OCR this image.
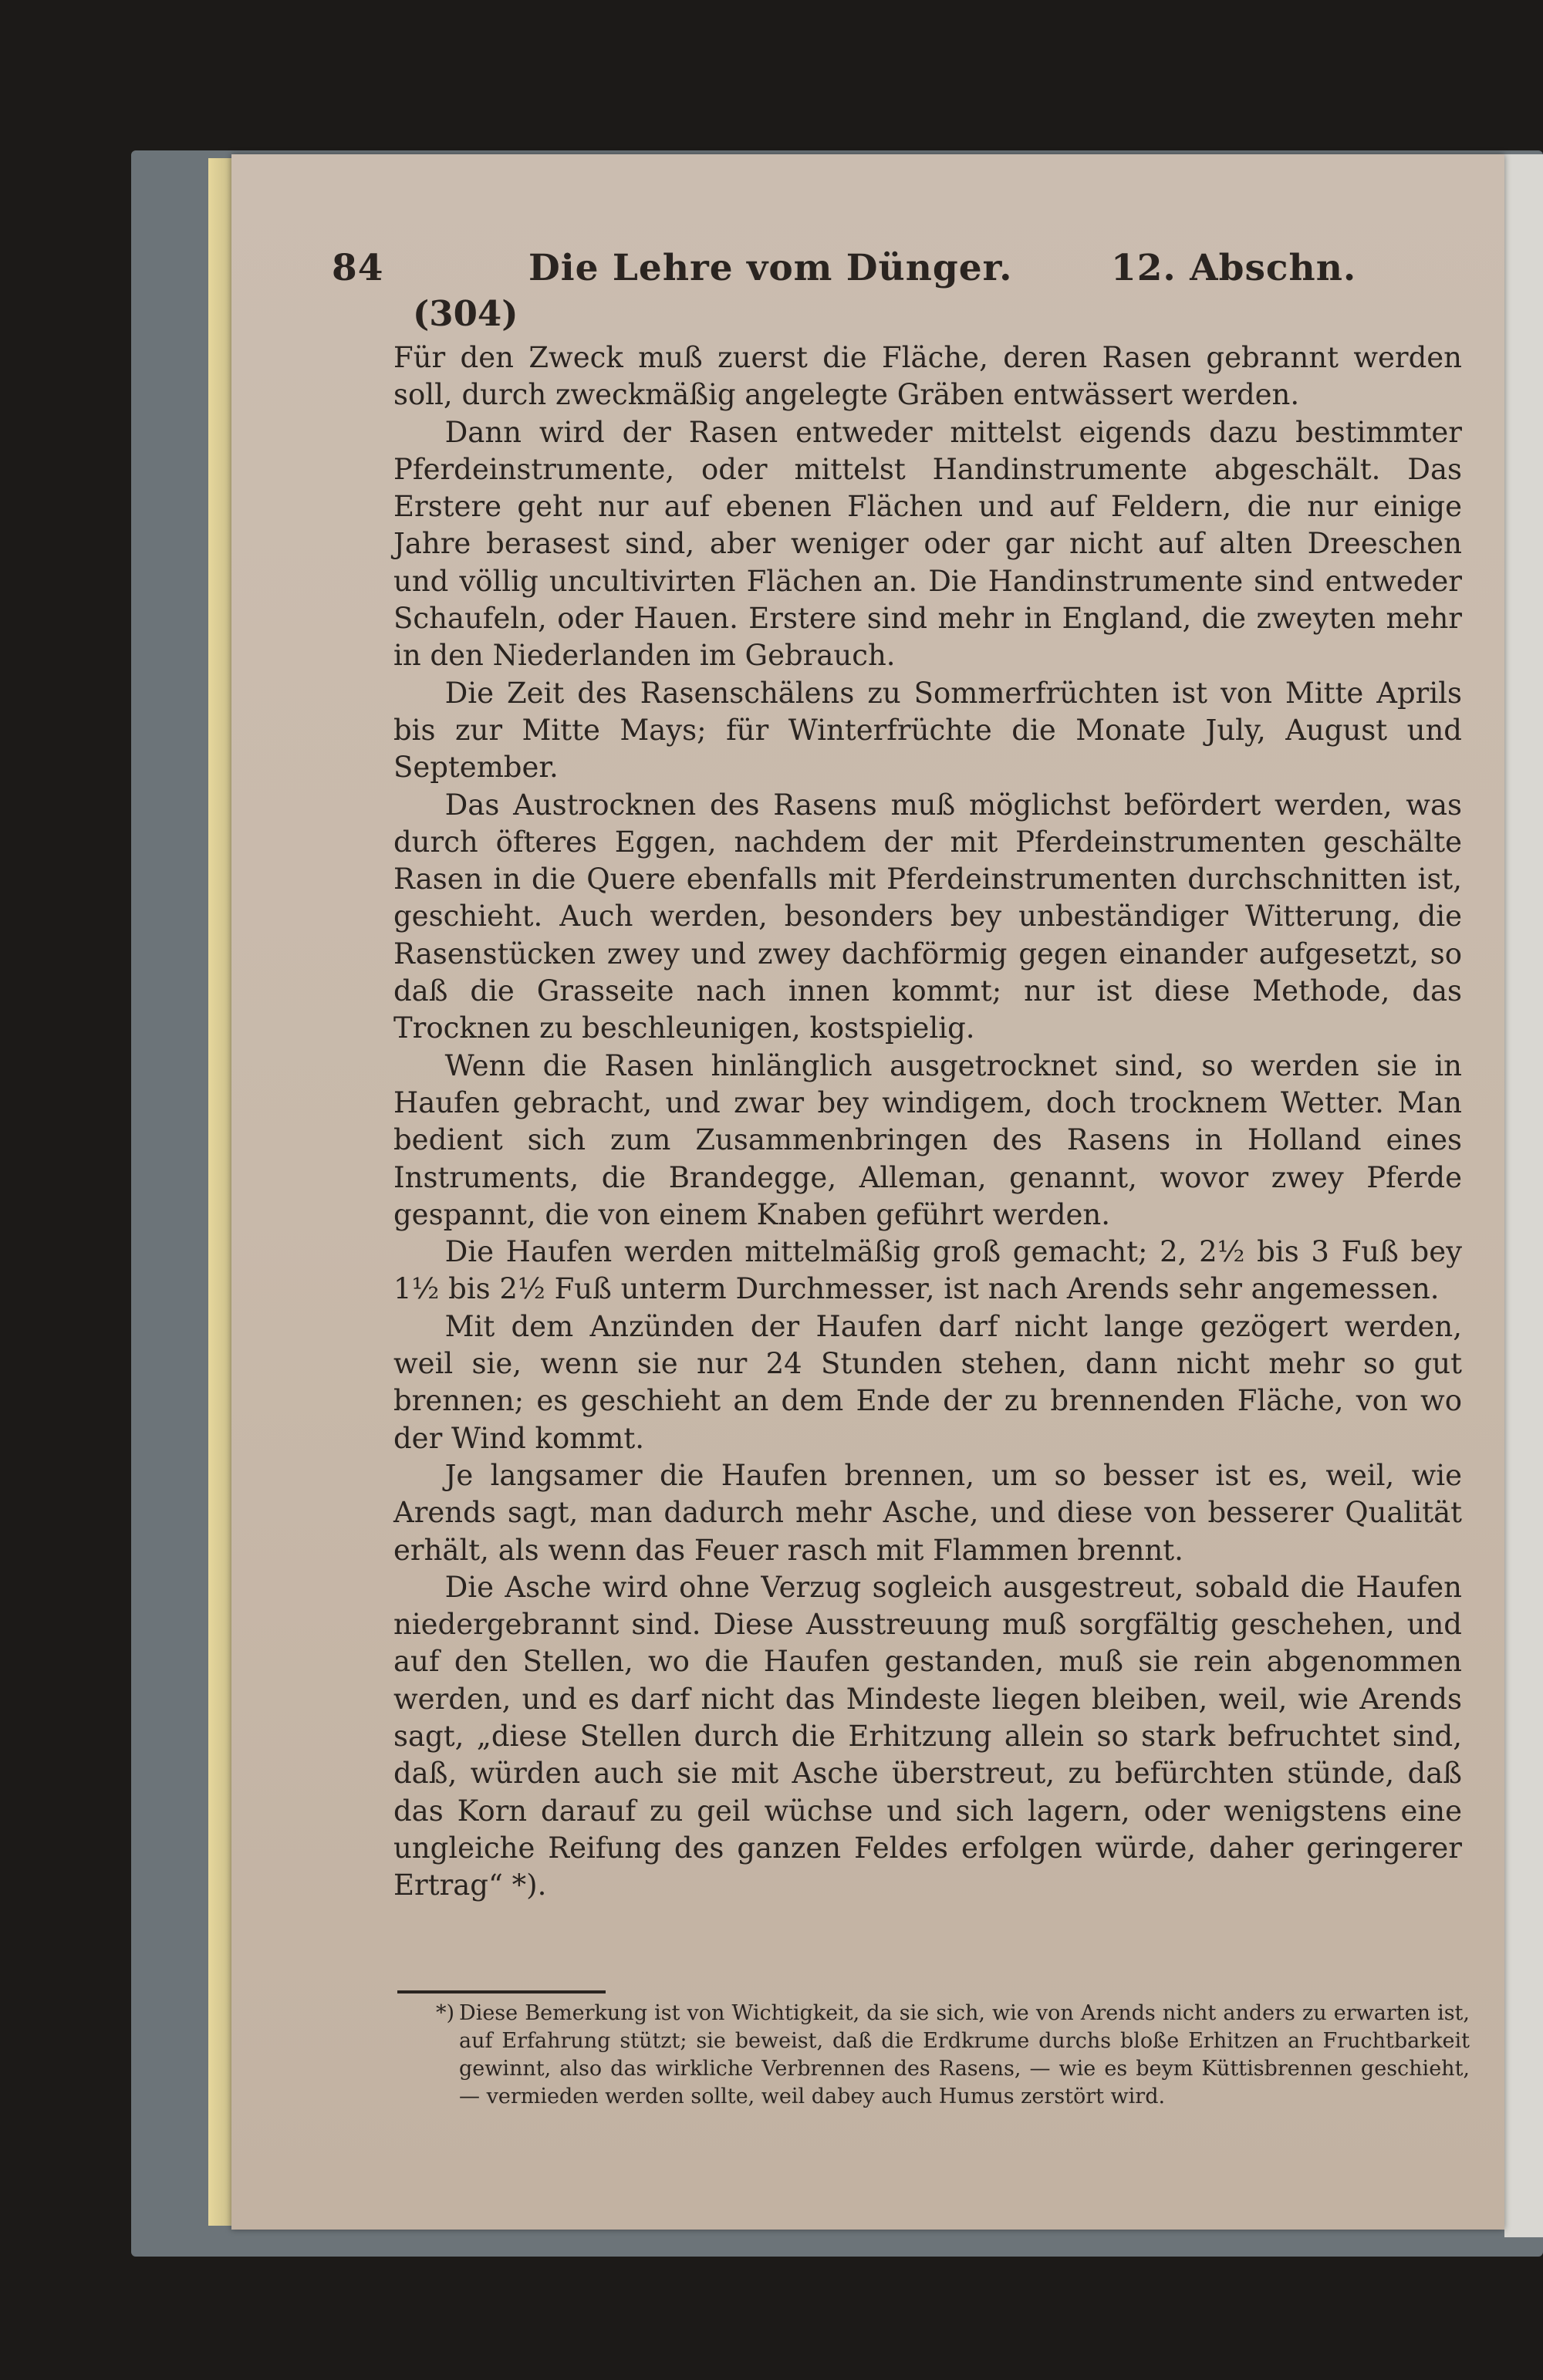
84	Die Lehre vom Dünger.	12. Abschn.
(304)

Für den Zweck muß zuerst die Fläche, deren Rasen gebrannt werden soll, durch zweckmäßig angelegte Gräben entwässert werden.

Dann wird der Rasen entweder mittelst eigends dazu bestimmter Pferdeinstrumente, oder mittelst Handinstrumente abgeschält. Das Erstere geht nur auf ebenen Flächen und auf Feldern, die nur einige Jahre berasest sind, aber weniger oder gar nicht auf alten Dreeschen und völlig uncultivirten Flächen an. Die Handinstrumente sind entweder Schaufeln, oder Hauen. Erstere sind mehr in England, die zweyten mehr in den Niederlanden im Gebrauch.

Die Zeit des Rasenschälens zu Sommerfrüchten ist von Mitte Aprils bis zur Mitte Mays; für Winterfrüchte die Monate July, August und September.

Das Austrocknen des Rasens muß möglichst befördert werden, was durch öfteres Eggen, nachdem der mit Pferdeinstrumenten geschälte Rasen in die Quere ebenfalls mit Pferdeinstrumenten durchschnitten ist, geschieht. Auch werden, besonders bey unbeständiger Witterung, die Rasenstücken zwey und zwey dachförmig gegen einander aufgesetzt, so daß die Grasseite nach innen kommt; nur ist diese Methode, das Trocknen zu beschleunigen, kostspielig.

Wenn die Rasen hinlänglich ausgetrocknet sind, so werden sie in Haufen gebracht, und zwar bey windigem, doch trocknem Wetter. Man bedient sich zum Zusammenbringen des Rasens in Holland eines Instruments, die Brandegge, Alleman, genannt, wovor zwey Pferde gespannt, die von einem Knaben geführt werden.

Die Haufen werden mittelmäßig groß gemacht; 2, 2½ bis 3 Fuß bey 1½ bis 2½ Fuß unterm Durchmesser, ist nach Arends sehr angemessen.

Mit dem Anzünden der Haufen darf nicht lange gezögert werden, weil sie, wenn sie nur 24 Stunden stehen, dann nicht mehr so gut brennen; es geschieht an dem Ende der zu brennenden Fläche, von wo der Wind kommt.

Je langsamer die Haufen brennen, um so besser ist es, weil, wie Arends sagt, man dadurch mehr Asche, und diese von besserer Qualität erhält, als wenn das Feuer rasch mit Flammen brennt.

Die Asche wird ohne Verzug sogleich ausgestreut, sobald die Haufen niedergebrannt sind. Diese Ausstreuung muß sorgfältig geschehen, und auf den Stellen, wo die Haufen gestanden, muß sie rein abgenommen werden, und es darf nicht das Mindeste liegen bleiben, weil, wie Arends sagt, „diese Stellen durch die Erhitzung allein so stark befruchtet sind, daß, würden auch sie mit Asche überstreut, zu befürchten stünde, daß das Korn darauf zu geil wüchse und sich lagern, oder wenigstens eine ungleiche Reifung des ganzen Feldes erfolgen würde, daher geringerer Ertrag“ *).

*) Diese Bemerkung ist von Wichtigkeit, da sie sich, wie von Arends nicht anders zu erwarten ist, auf Erfahrung stützt; sie beweist, daß die Erdkrume durchs bloße Erhitzen an Fruchtbarkeit gewinnt, also das wirkliche Verbrennen des Rasens, — wie es beym Küttisbrennen geschieht, — vermieden werden sollte, weil dabey auch Humus zerstört wird.
